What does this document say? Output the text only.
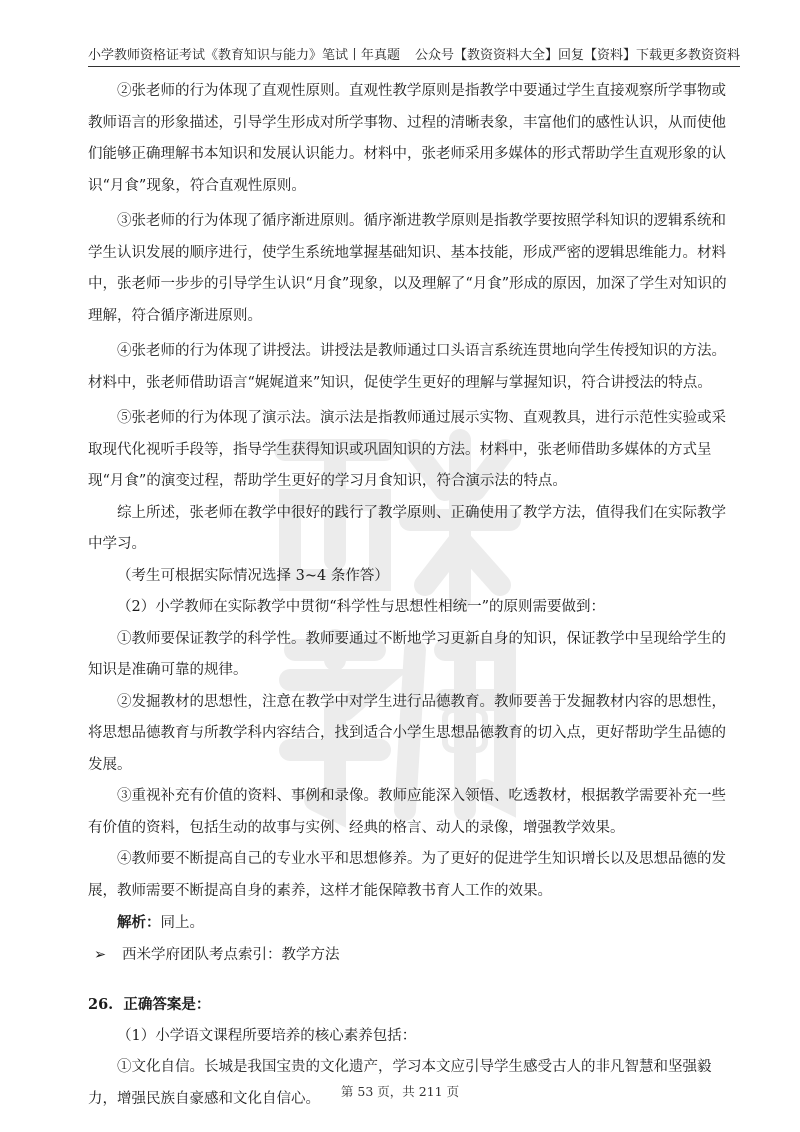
小学教师资格证考试《教育知识与能力》笔试丨年真题 公众号【教资资料大全】回复【资料】下载更多教资资料

②张老师的行为体现了直观性原则。直观性教学原则是指教学中要通过学生直接观察所学事物或教师语言的形象描述，引导学生形成对所学事物、过程的清晰表象，丰富他们的感性认识，从而使他们能够正确理解书本知识和发展认识能力。材料中，张老师采用多媒体的形式帮助学生直观形象的认识“月食”现象，符合直观性原则。

③张老师的行为体现了循序渐进原则。循序渐进教学原则是指教学要按照学科知识的逻辑系统和学生认识发展的顺序进行，使学生系统地掌握基础知识、基本技能，形成严密的逻辑思维能力。材料中，张老师一步步的引导学生认识“月食”现象，以及理解了“月食”形成的原因，加深了学生对知识的理解，符合循序渐进原则。

④张老师的行为体现了讲授法。讲授法是教师通过口头语言系统连贯地向学生传授知识的方法。材料中，张老师借助语言“娓娓道来”知识，促使学生更好的理解与掌握知识，符合讲授法的特点。

⑤张老师的行为体现了演示法。演示法是指教师通过展示实物、直观教具，进行示范性实验或采取现代化视听手段等，指导学生获得知识或巩固知识的方法。材料中，张老师借助多媒体的方式呈现“月食”的演变过程，帮助学生更好的学习月食知识，符合演示法的特点。

综上所述，张老师在教学中很好的践行了教学原则、正确使用了教学方法，值得我们在实际教学中学习。

（考生可根据实际情况选择 3~4 条作答）

（2）小学教师在实际教学中贯彻“科学性与思想性相统一”的原则需要做到：

①教师要保证教学的科学性。教师要通过不断地学习更新自身的知识，保证教学中呈现给学生的知识是准确可靠的规律。

②发掘教材的思想性，注意在教学中对学生进行品德教育。教师要善于发掘教材内容的思想性，将思想品德教育与所教学科内容结合，找到适合小学生思想品德教育的切入点，更好帮助学生品德的发展。

③重视补充有价值的资料、事例和录像。教师应能深入领悟、吃透教材，根据教学需要补充一些有价值的资料，包括生动的故事与实例、经典的格言、动人的录像，增强教学效果。

④教师要不断提高自己的专业水平和思想修养。为了更好的促进学生知识增长以及思想品德的发展，教师需要不断提高自身的素养，这样才能保障教书育人工作的效果。

解析：同上。

➢ 西米学府团队考点索引：教学方法

26. 正确答案是：

（1）小学语文课程所要培养的核心素养包括：

①文化自信。长城是我国宝贵的文化遗产，学习本文应引导学生感受古人的非凡智慧和坚强毅力，增强民族自豪感和文化自信心。	第 53 页，共 211 页
